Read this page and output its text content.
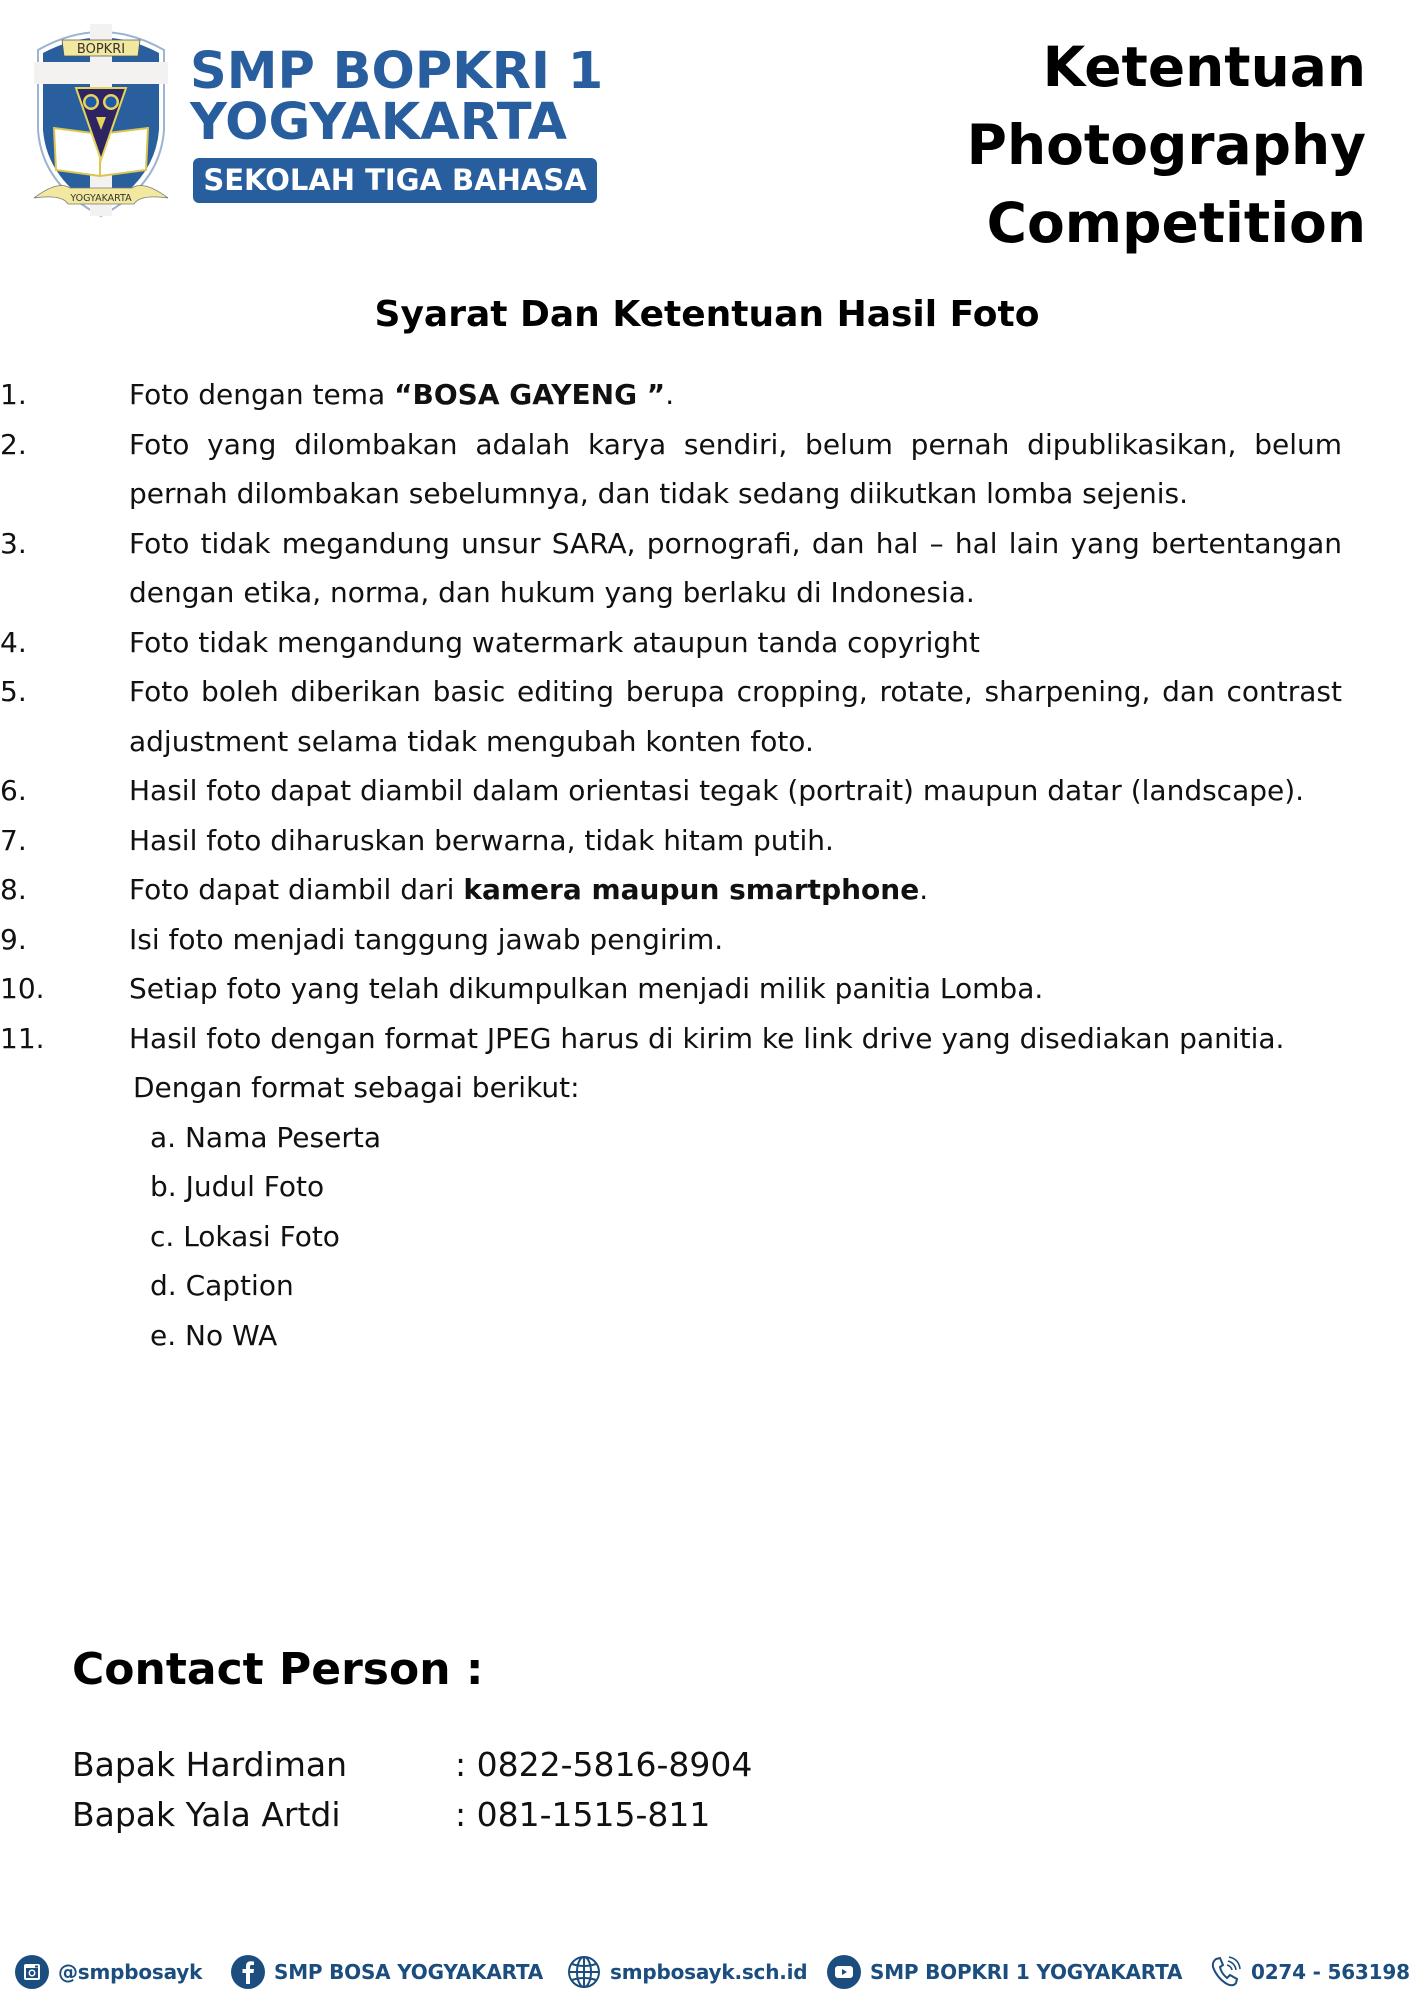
BOPKRI
YOGYAKARTA
SMP BOPKRI 1
YOGYAKARTA
SEKOLAH TIGA BAHASA
Ketentuan
Photography
Competition
Syarat Dan Ketentuan Hasil Foto
1.	Foto dengan tema “BOSA GAYENG ”.
2.	Foto yang dilombakan adalah karya sendiri, belum pernah dipublikasikan, belum pernah dilombakan sebelumnya, dan tidak sedang diikutkan lomba sejenis.
3.	Foto tidak megandung unsur SARA, pornografi, dan hal – hal lain yang bertentangan dengan etika, norma, dan hukum yang berlaku di Indonesia.
4.	Foto tidak mengandung watermark ataupun tanda copyright
5.	Foto boleh diberikan basic editing berupa cropping, rotate, sharpening, dan contrast adjustment selama tidak mengubah konten foto.
6.	Hasil foto dapat diambil dalam orientasi tegak (portrait) maupun datar (landscape).
7.	Hasil foto diharuskan berwarna, tidak hitam putih.
8.	Foto dapat diambil dari kamera maupun smartphone.
9.	Isi foto menjadi tanggung jawab pengirim.
10.	Setiap foto yang telah dikumpulkan menjadi milik panitia Lomba.
11.	Hasil foto dengan format JPEG harus di kirim ke link drive yang disediakan panitia.
Dengan format sebagai berikut:
a. Nama Peserta
b. Judul Foto
c. Lokasi Foto
d. Caption
e. No WA
Contact Person :
Bapak Hardiman	: 0822-5816-8904
Bapak Yala Artdi	: 081-1515-811
@smpbosayk	SMP BOSA YOGYAKARTA	smpbosayk.sch.id	SMP BOPKRI 1 YOGYAKARTA	0274 - 563198
